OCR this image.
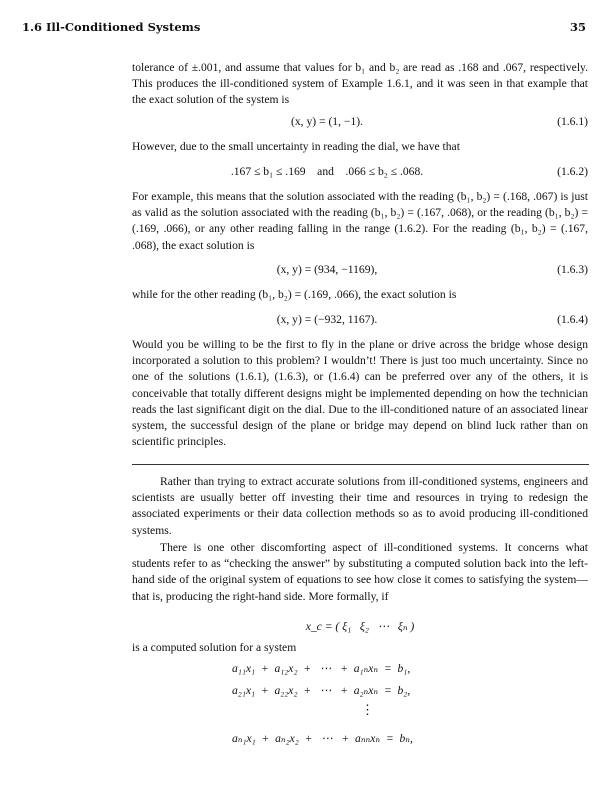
1.6 Ill-Conditioned Systems	35

tolerance of ±.001, and assume that values for b₁ and b₂ are read as .168 and .067, respectively. This produces the ill-conditioned system of Example 1.6.1, and it was seen in that example that the exact solution of the system is

(x, y) = (1, −1).	(1.6.1)

However, due to the small uncertainty in reading the dial, we have that

.167 ≤ b₁ ≤ .169    and    .066 ≤ b₂ ≤ .068.	(1.6.2)

For example, this means that the solution associated with the reading (b₁, b₂) = (.168, .067) is just as valid as the solution associated with the reading (b₁, b₂) = (.167, .068), or the reading (b₁, b₂) = (.169, .066), or any other reading falling in the range (1.6.2). For the reading (b₁, b₂) = (.167, .068), the exact solution is

(x, y) = (934, −1169),	(1.6.3)

while for the other reading (b₁, b₂) = (.169, .066), the exact solution is

(x, y) = (−932, 1167).	(1.6.4)

Would you be willing to be the first to fly in the plane or drive across the bridge whose design incorporated a solution to this problem? I wouldn’t! There is just too much uncertainty. Since no one of the solutions (1.6.1), (1.6.3), or (1.6.4) can be preferred over any of the others, it is conceivable that totally different designs might be implemented depending on how the technician reads the last significant digit on the dial. Due to the ill-conditioned nature of an associated linear system, the successful design of the plane or bridge may depend on blind luck rather than on scientific principles.

Rather than trying to extract accurate solutions from ill-conditioned systems, engineers and scientists are usually better off investing their time and resources in trying to redesign the associated experiments or their data collection methods so as to avoid producing ill-conditioned systems.

There is one other discomforting aspect of ill-conditioned systems. It concerns what students refer to as “checking the answer” by substituting a computed solution back into the left-hand side of the original system of equations to see how close it comes to satisfying the system—that is, producing the right-hand side. More formally, if

x_c = ( ξ₁   ξ₂   ⋯   ξₙ )

is a computed solution for a system

a₁₁x₁  +  a₁₂x₂  +   ⋯   +  a₁ₙxₙ  =  b₁,
a₂₁x₁  +  a₂₂x₂  +   ⋯   +  a₂ₙxₙ  =  b₂,
⋮
aₙ₁x₁  +  aₙ₂x₂  +   ⋯   +  aₙₙxₙ  =  bₙ,
